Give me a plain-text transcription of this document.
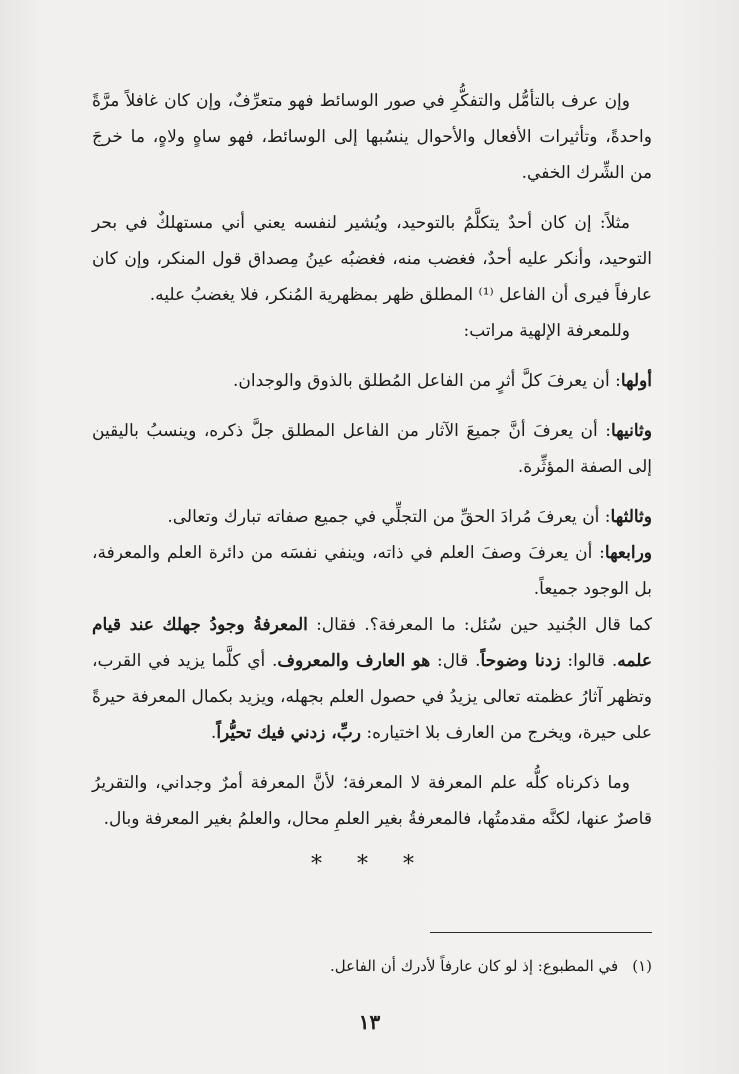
وإن عرف بالتأمُّل والتفكُّرِ في صور الوسائط فهو متعرِّفٌ، وإن كان غافلاً مرَّةً واحدةً، وتأثيرات الأفعال والأحوال ينسُبها إلى الوسائط، فهو ساهٍ ولاهٍ، ما خرجَ من الشِّرك الخفي.

مثلاً: إن كان أحدٌ يتكلَّمُ بالتوحيد، ويُشير لنفسه يعني أني مستهلكٌ في بحر التوحيد، وأنكر عليه أحدٌ، فغضب منه، فغضبُه عينُ مِصداق قول المنكر، وإن كان عارفاً فيرى أن الفاعل ⁽¹⁾ المطلق ظهر بمظهرية المُنكر، فلا يغضبُ عليه.

وللمعرفة الإلهية مراتب:

أولها: أن يعرفَ كلَّ أثرٍ من الفاعل المُطلق بالذوق والوجدان.

وثانيها: أن يعرفَ أنَّ جميعَ الآثار من الفاعل المطلق جلَّ ذكره، وينسبُ باليقين إلى الصفة المؤثِّرة.

وثالثها: أن يعرفَ مُرادَ الحقِّ من التجلِّي في جميع صفاته تبارك وتعالى.

ورابعها: أن يعرفَ وصفَ العلم في ذاته، وينفي نفسَه من دائرة العلم والمعرفة، بل الوجود جميعاً.

كما قال الجُنيد حين سُئل: ما المعرفة؟. فقال: المعرفةُ وجودُ جهلك عند قيام علمه. قالوا: زدنا وضوحاً. قال: هو العارف والمعروف. أي كلَّما يزيد في القرب، وتظهر آثارُ عظمته تعالى يزيدُ في حصول العلم بجهله، ويزيد بكمال المعرفة حيرةً على حيرة، ويخرج من العارف بلا اختياره: ربِّ، زدني فيك تحيُّراً.

وما ذكرناه كلُّه علم المعرفة لا المعرفة؛ لأنَّ المعرفة أمرٌ وجداني، والتقريرُ قاصرٌ عنها، لكنَّه مقدمتُها، فالمعرفةُ بغير العلمِ محال، والعلمُ بغير المعرفة وبال.

* * *
(١)في المطبوع: إذ لو كان عارفاً لأدرك أن الفاعل.
١٣
